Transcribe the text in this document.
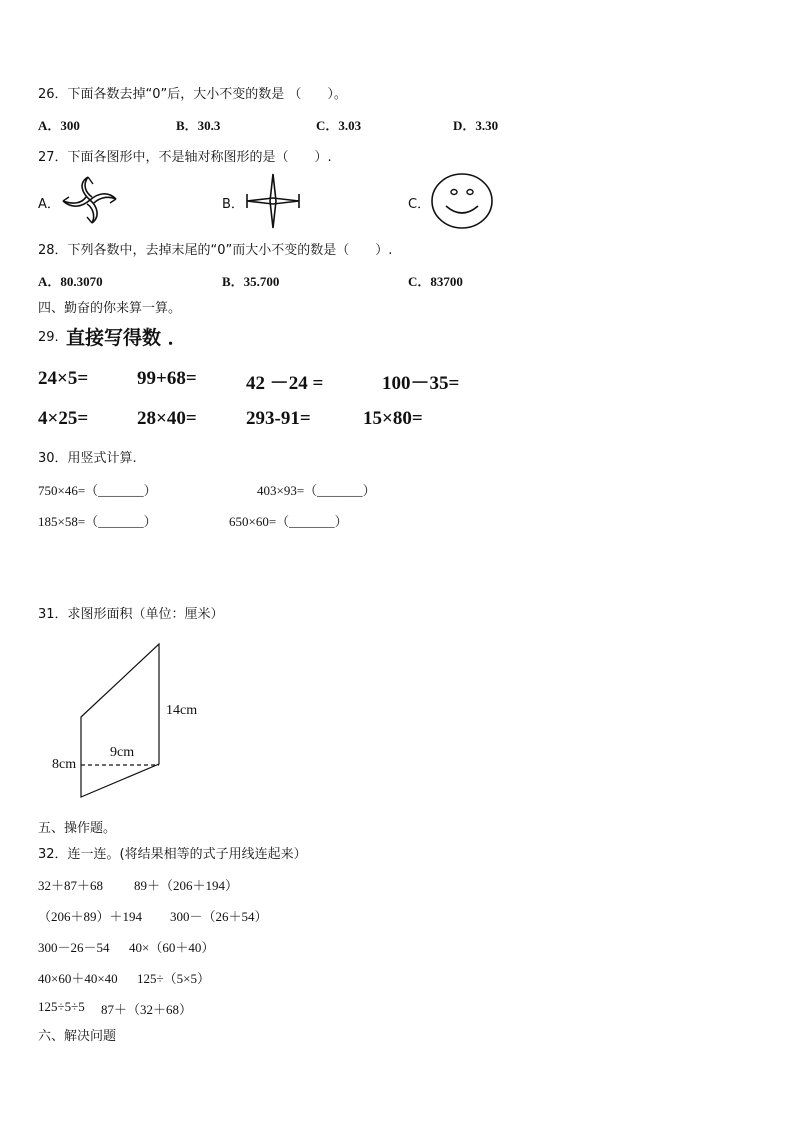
26．下面各数去掉“0”后，大小不变的数是 （　　）。
A．300	B．30.3	C．3.03	D．3.30
27．下面各图形中，不是轴对称图形的是（　　）.
A．	B．	C．
28．下列各数中，去掉末尾的“0”而大小不变的数是（　　）.
A．80.3070	B．35.700	C．83700
四、勤奋的你来算一算。
29. 直接写得数 ．
24×5=	99+68=	42 －24 =	100－35=
4×25=	28×40=	293-91=	15×80=
30．用竖式计算.
750×46=（_______）	403×93=（_______）
185×58=（_______）	650×60=（_______）
31．求图形面积（单位：厘米）
14cm
9cm
8cm
五、操作题。
32．连一连。(将结果相等的式子用线连起来）
32＋87＋68 89＋（206＋194）
（206＋89）＋194 300－（26＋54）
300－26－54 40×（60＋40）
40×60＋40×40 125÷（5×5）
125÷5÷5 87＋（32＋68）
六、解决问题
